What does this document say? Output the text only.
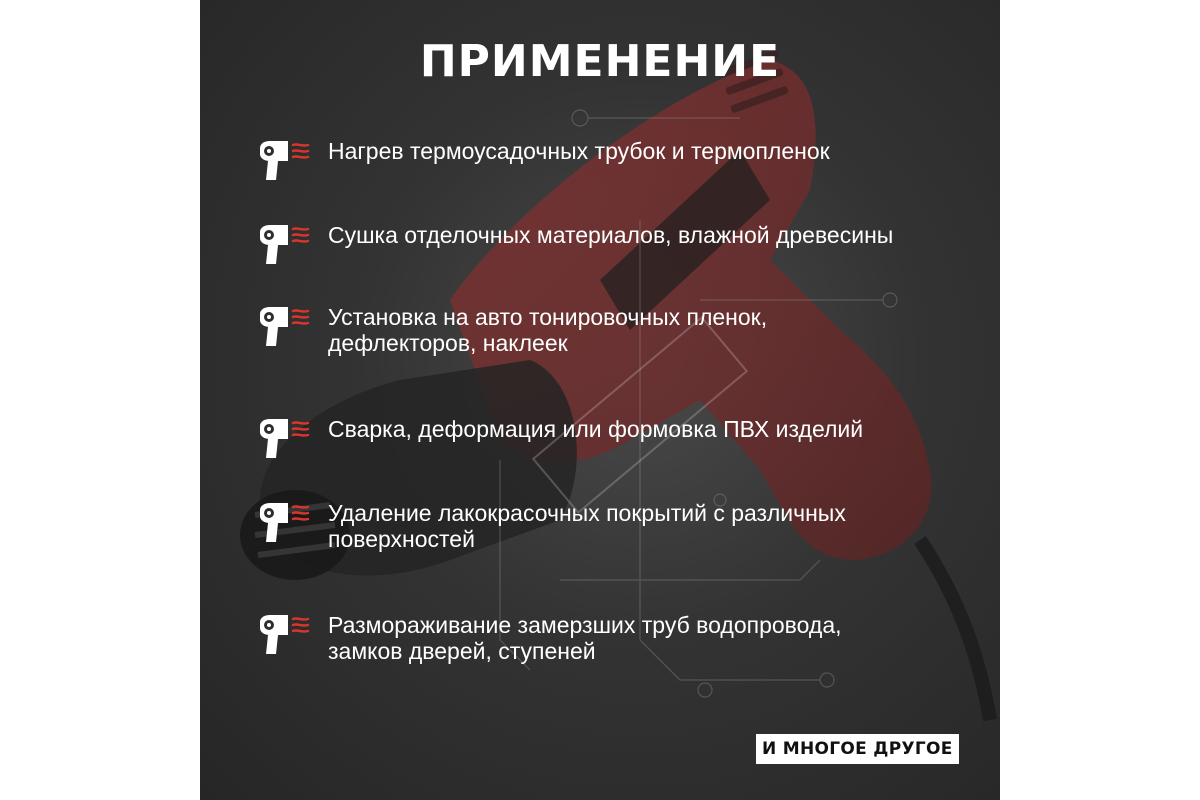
ПРИМЕНЕНИЕ
Нагрев термоусадочных трубок и термопленок
Сушка отделочных материалов, влажной древесины
Установка на авто тонировочных пленок,
дефлекторов, наклеек
Сварка, деформация или формовка ПВХ изделий
Удаление лакокрасочных покрытий с различных
поверхностей
Размораживание замерзших труб водопровода,
замков дверей, ступеней
И МНОГОЕ ДРУГОЕ
